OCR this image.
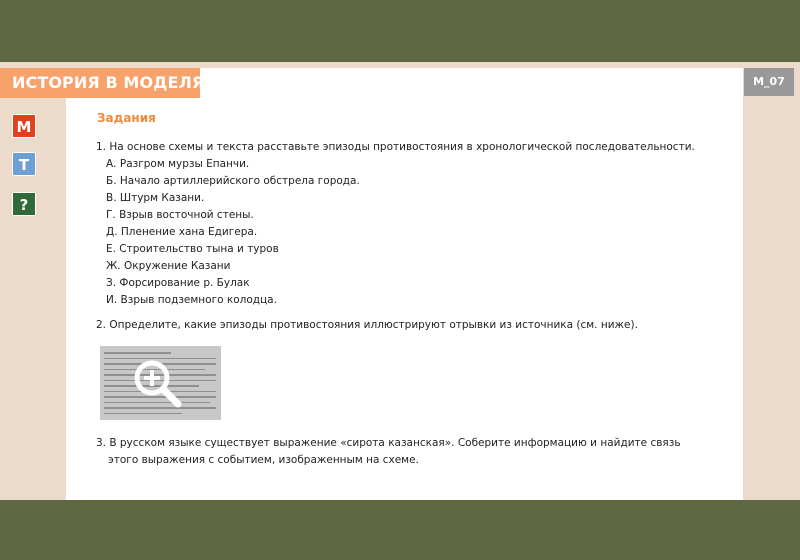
Задания

1. На основе схемы и текста расставьте эпизоды противостояния в хронологической последовательности.

А. Разгром мурзы Епанчи.
Б. Начало артиллерийского обстрела города.
В. Штурм Казани.
Г. Взрыв восточной стены.
Д. Пленение хана Едигера.
Е. Строительство тына и туров
Ж. Окружение Казани
З. Форсирование р. Булак
И. Взрыв подземного колодца.

2. Определите, какие эпизоды противостояния иллюстрируют отрывки из источника (см. ниже).

3. В русском языке существует выражение «сирота казанская». Соберите информацию и найдите связь

этого выражения с событием, изображенным на схеме.

ИСТОРИЯ В МОДЕЛЯХ	М_07
М
Т
?
